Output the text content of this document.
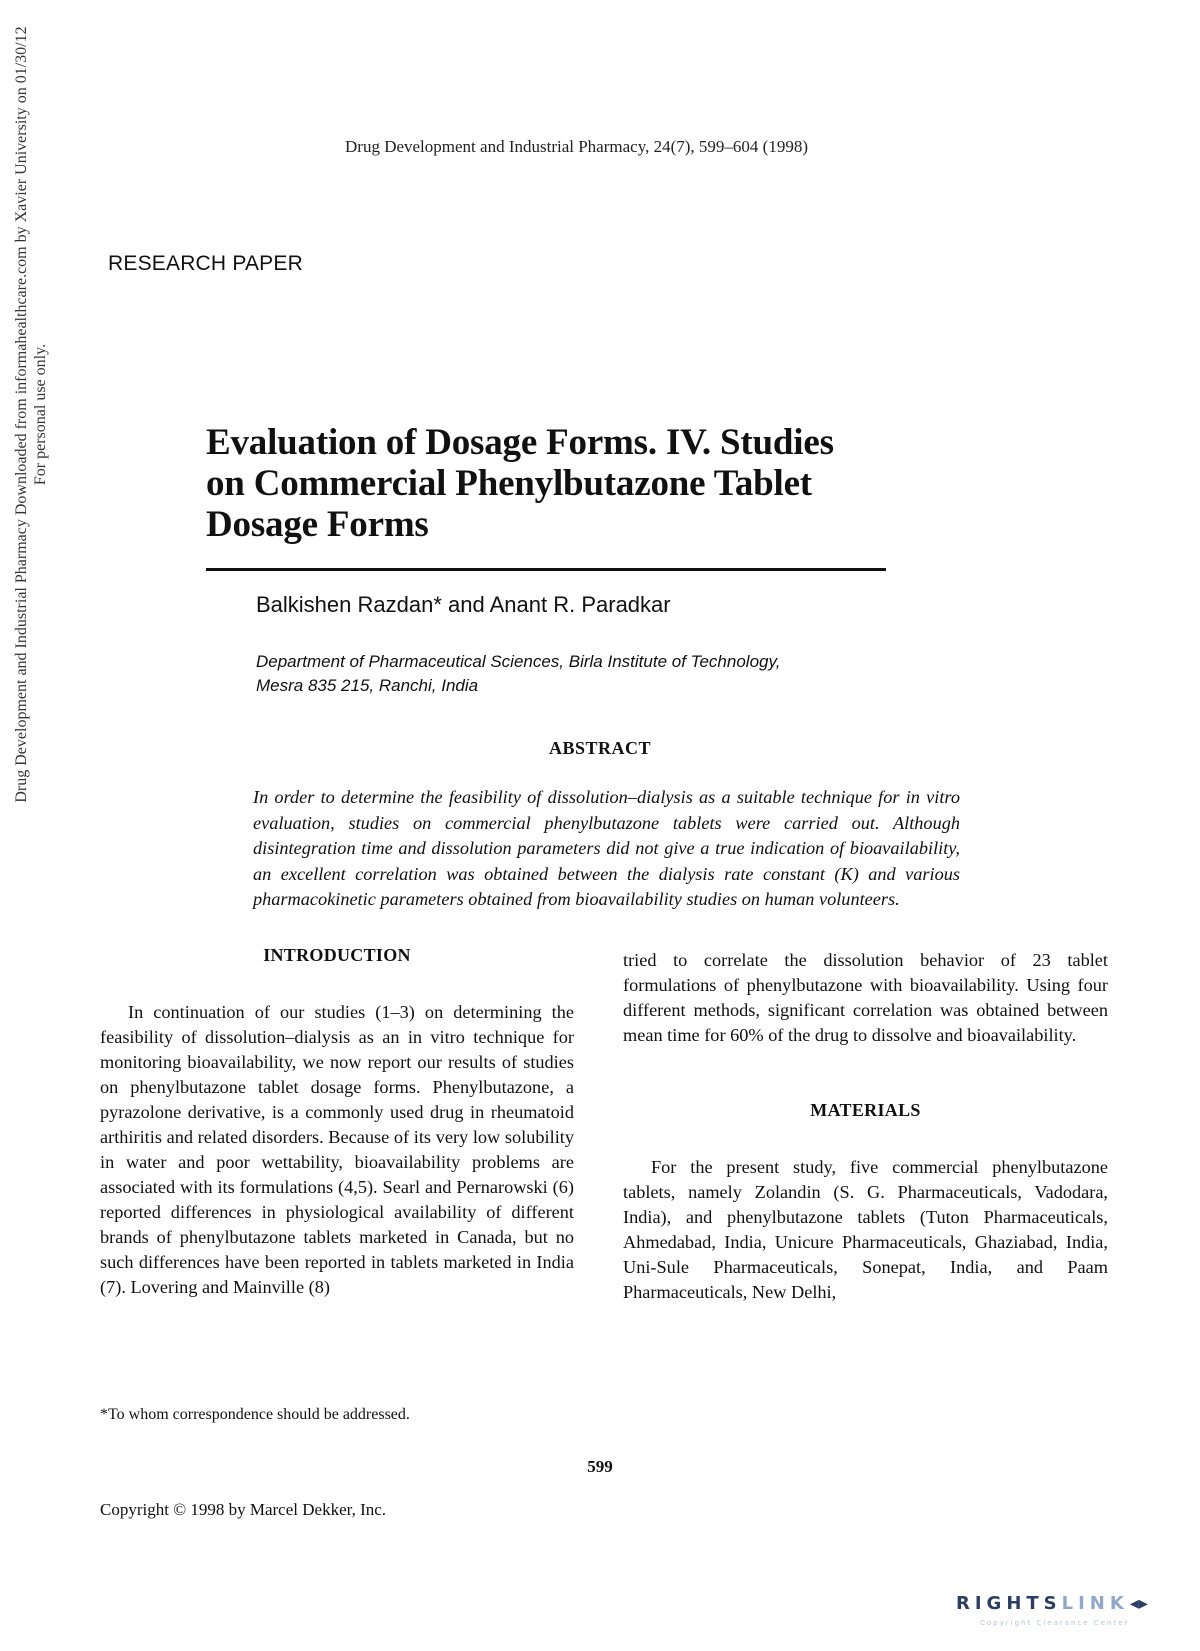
Drug Development and Industrial Pharmacy, 24(7), 599–604 (1998)
RESEARCH PAPER
Drug Development and Industrial Pharmacy Downloaded from informahealthcare.com by Xavier University on 01/30/12 For personal use only.	Evaluation of Dosage Forms. IV. Studies
on Commercial Phenylbutazone Tablet
Dosage Forms
Balkishen Razdan* and Anant R. Paradkar
Department of Pharmaceutical Sciences, Birla Institute of Technology,
Mesra 835 215, Ranchi, India
ABSTRACT
In order to determine the feasibility of dissolution–dialysis as a suitable technique for in vitro evaluation, studies on commercial phenylbutazone tablets were carried out. Although disintegration time and dissolution parameters did not give a true indication of bioavailability, an excellent correlation was obtained between the dialysis rate constant (K) and various pharmacokinetic parameters obtained from bioavailability studies on human volunteers.
INTRODUCTION

In continuation of our studies (1–3) on determining the feasibility of dissolution–dialysis as an in vitro technique for monitoring bioavailability, we now report our results of studies on phenylbutazone tablet dosage forms. Phenylbutazone, a pyrazolone derivative, is a commonly used drug in rheumatoid arthiritis and related disorders. Because of its very low solubility in water and poor wettability, bioavailability problems are associated with its formulations (4,5). Searl and Pernarowski (6) reported differences in physiological availability of different brands of phenylbutazone tablets marketed in Canada, but no such differences have been reported in tablets marketed in India (7). Lovering and Mainville (8)

tried to correlate the dissolution behavior of 23 tablet formulations of phenylbutazone with bioavailability. Using four different methods, significant correlation was obtained between mean time for 60% of the drug to dissolve and bioavailability.

MATERIALS

For the present study, five commercial phenylbutazone tablets, namely Zolandin (S. G. Pharmaceuticals, Vadodara, India), and phenylbutazone tablets (Tuton Pharmaceuticals, Ahmedabad, India, Unicure Pharmaceuticals, Ghaziabad, India, Uni-Sule Pharmaceuticals, Sonepat, India, and Paam Pharmaceuticals, New Delhi,

*To whom correspondence should be addressed.
599
Copyright © 1998 by Marcel Dekker, Inc.
RIGHTS LINK ◂▸
Copyright Clearance Center
